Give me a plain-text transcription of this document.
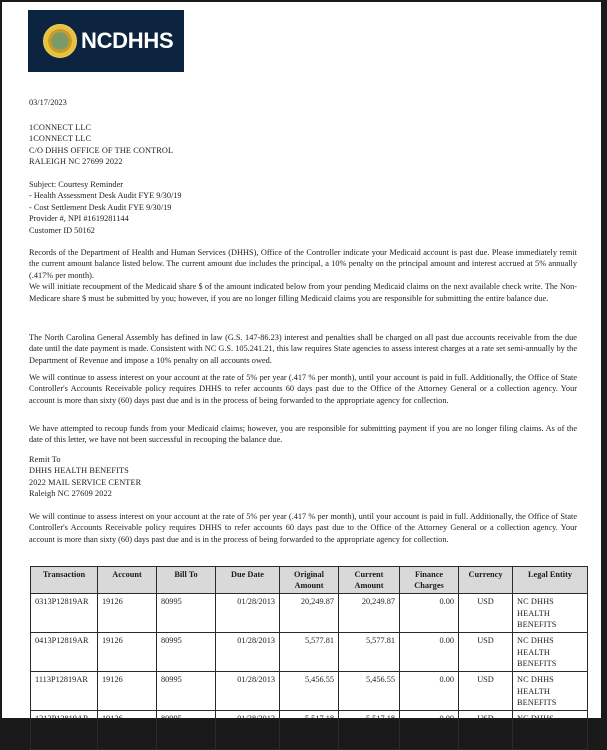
NCDHHS
03/17/2023
1CONNECT LLC
1CONNECT LLC
C/O DHHS OFFICE OF THE CONTROL
RALEIGH NC 27699 2022
Subject: Courtesy Reminder
- Health Assessment Desk Audit FYE 9/30/19
- Cost Settlement Desk Audit FYE 9/30/19
Provider #, NPI #1619281144
Customer ID 50162
Records of the Department of Health and Human Services (DHHS), Office of the Controller indicate your Medicaid account is past due. Please immediately remit the current amount balance listed below. The current amount due includes the principal, a 10% penalty on the principal amount and interest accrued at 5% annually (.417% per month).
We will initiate recoupment of the Medicaid share $ of the amount indicated below from your pending Medicaid claims on the next available check write. The Non-Medicare share $ must be submitted by you; however, if you are no longer filling Medicaid claims you are responsible for submitting the entire balance due.
The North Carolina General Assembly has defined in law (G.S. 147-86.23) interest and penalties shall be charged on all past due accounts receivable from the due date until the date payment is made. Consistent with NC G.S. 105.241.21, this law requires State agencies to assess interest charges at a rate set semi-annually by the Department of Revenue and impose a 10% penalty on all accounts owed.
We will continue to assess interest on your account at the rate of 5% per year (.417 % per month), until your account is paid in full. Additionally, the Office of State Controller's Accounts Receivable policy requires DHHS to refer accounts 60 days past due to the Office of the Attorney General or a collection agency. Your account is more than sixty (60) days past due and is in the process of being forwarded to the appropriate agency for collection.
We have attempted to recoup funds from your Medicaid claims; however, you are responsible for submitting payment if you are no longer filing claims. As of the date of this letter, we have not been successful in recouping the balance due.
Remit To
DHHS HEALTH BENEFITS
2022 MAIL SERVICE CENTER
Raleigh NC 27609 2022
We will continue to assess interest on your account at the rate of 5% per year (.417 % per month), until your account is paid in full. Additionally, the Office of State Controller's Accounts Receivable policy requires DHHS to refer accounts 60 days past due to the Office of the Attorney General or a collection agency. Your account is more than sixty (60) days past due and is in the process of being forwarded to the appropriate agency for collection.
Transaction	Account	Bill To	Due Date	Original Amount	Current Amount	Finance Charges	Currency	Legal Entity
0313P12819AR	19126	80995	01/28/2013	20,249.87	20,249.87	0.00	USD	NC DHHS HEALTH BENEFITS
0413P12819AR	19126	80995	01/28/2013	5,577.81	5,577.81	0.00	USD	NC DHHS HEALTH BENEFITS
1113P12819AR	19126	80995	01/28/2013	5,456.55	5,456.55	0.00	USD	NC DHHS HEALTH BENEFITS
1213P12819AR	19126	80995	01/28/2013	5,517.18	5,517.18	0.00	USD	NC DHHS HEALTH
